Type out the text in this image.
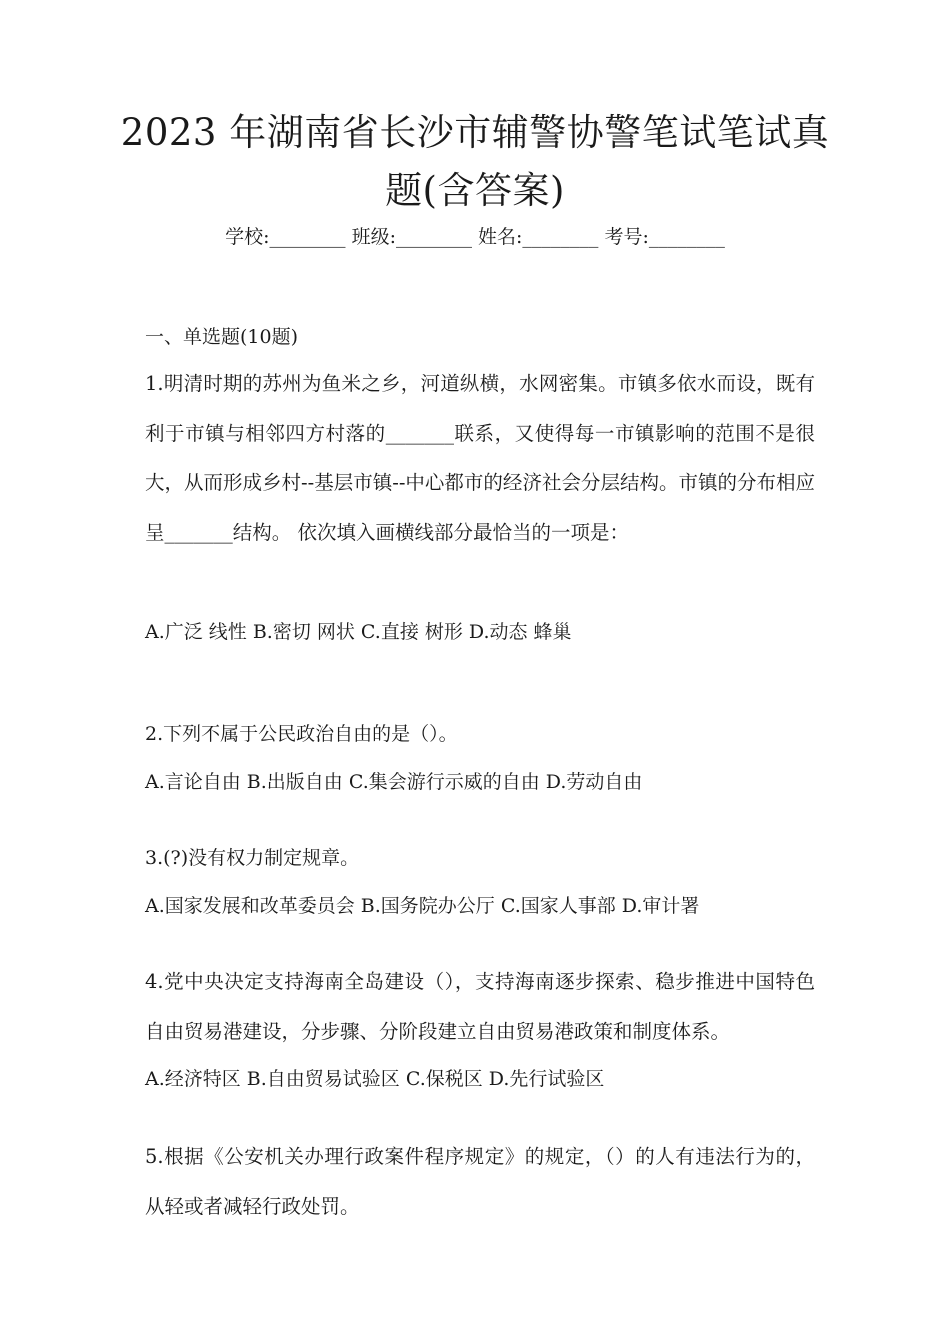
2023 年湖南省长沙市辅警协警笔试笔试真
题(含答案)
学校:________ 班级:________ 姓名:________ 考号:________
一、单选题(10题)
1.明清时期的苏州为鱼米之乡，河道纵横，水网密集。市镇多依水而设，既有利于市镇与相邻四方村落的_______联系，又使得每一市镇影响的范围不是很大，从而形成乡村--基层市镇--中心都市的经济社会分层结构。市镇的分布相应呈_______结构。 依次填入画横线部分最恰当的一项是：
A.广泛 线性 B.密切 网状 C.直接 树形 D.动态 蜂巢
2.下列不属于公民政治自由的是（）。
A.言论自由 B.出版自由 C.集会游行示威的自由 D.劳动自由
3.(?)没有权力制定规章。
A.国家发展和改革委员会 B.国务院办公厅 C.国家人事部 D.审计署
4.党中央决定支持海南全岛建设（），支持海南逐步探索、稳步推进中国特色自由贸易港建设，分步骤、分阶段建立自由贸易港政策和制度体系。
A.经济特区 B.自由贸易试验区 C.保税区 D.先行试验区
5.根据《公安机关办理行政案件程序规定》的规定，（）的人有违法行为的，从轻或者减轻行政处罚。
